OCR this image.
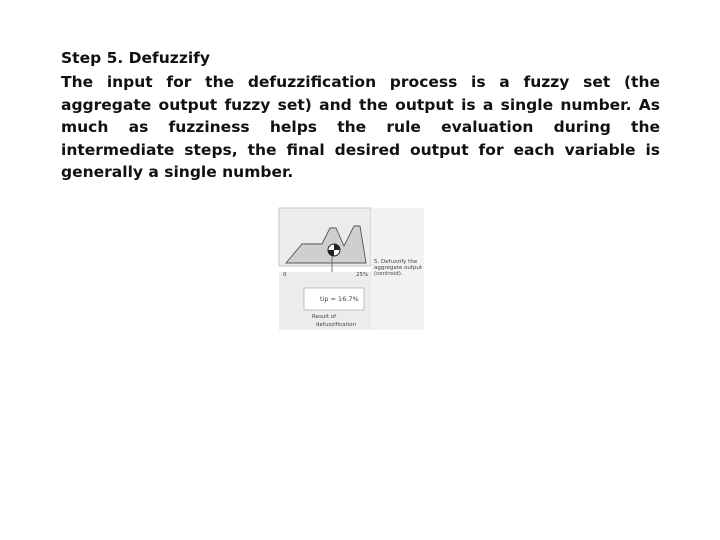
Step 5. Defuzzify

The input for the defuzzification process is a fuzzy set (the aggregate output fuzzy set) and the output is a single number. As much as fuzziness helps the rule evaluation during the intermediate steps, the final desired output for each variable is generally a single number.

0	25%
5. Defuzzify the
aggregate output
(centroid).
tip = 16.7%
Result of
defuzzification
